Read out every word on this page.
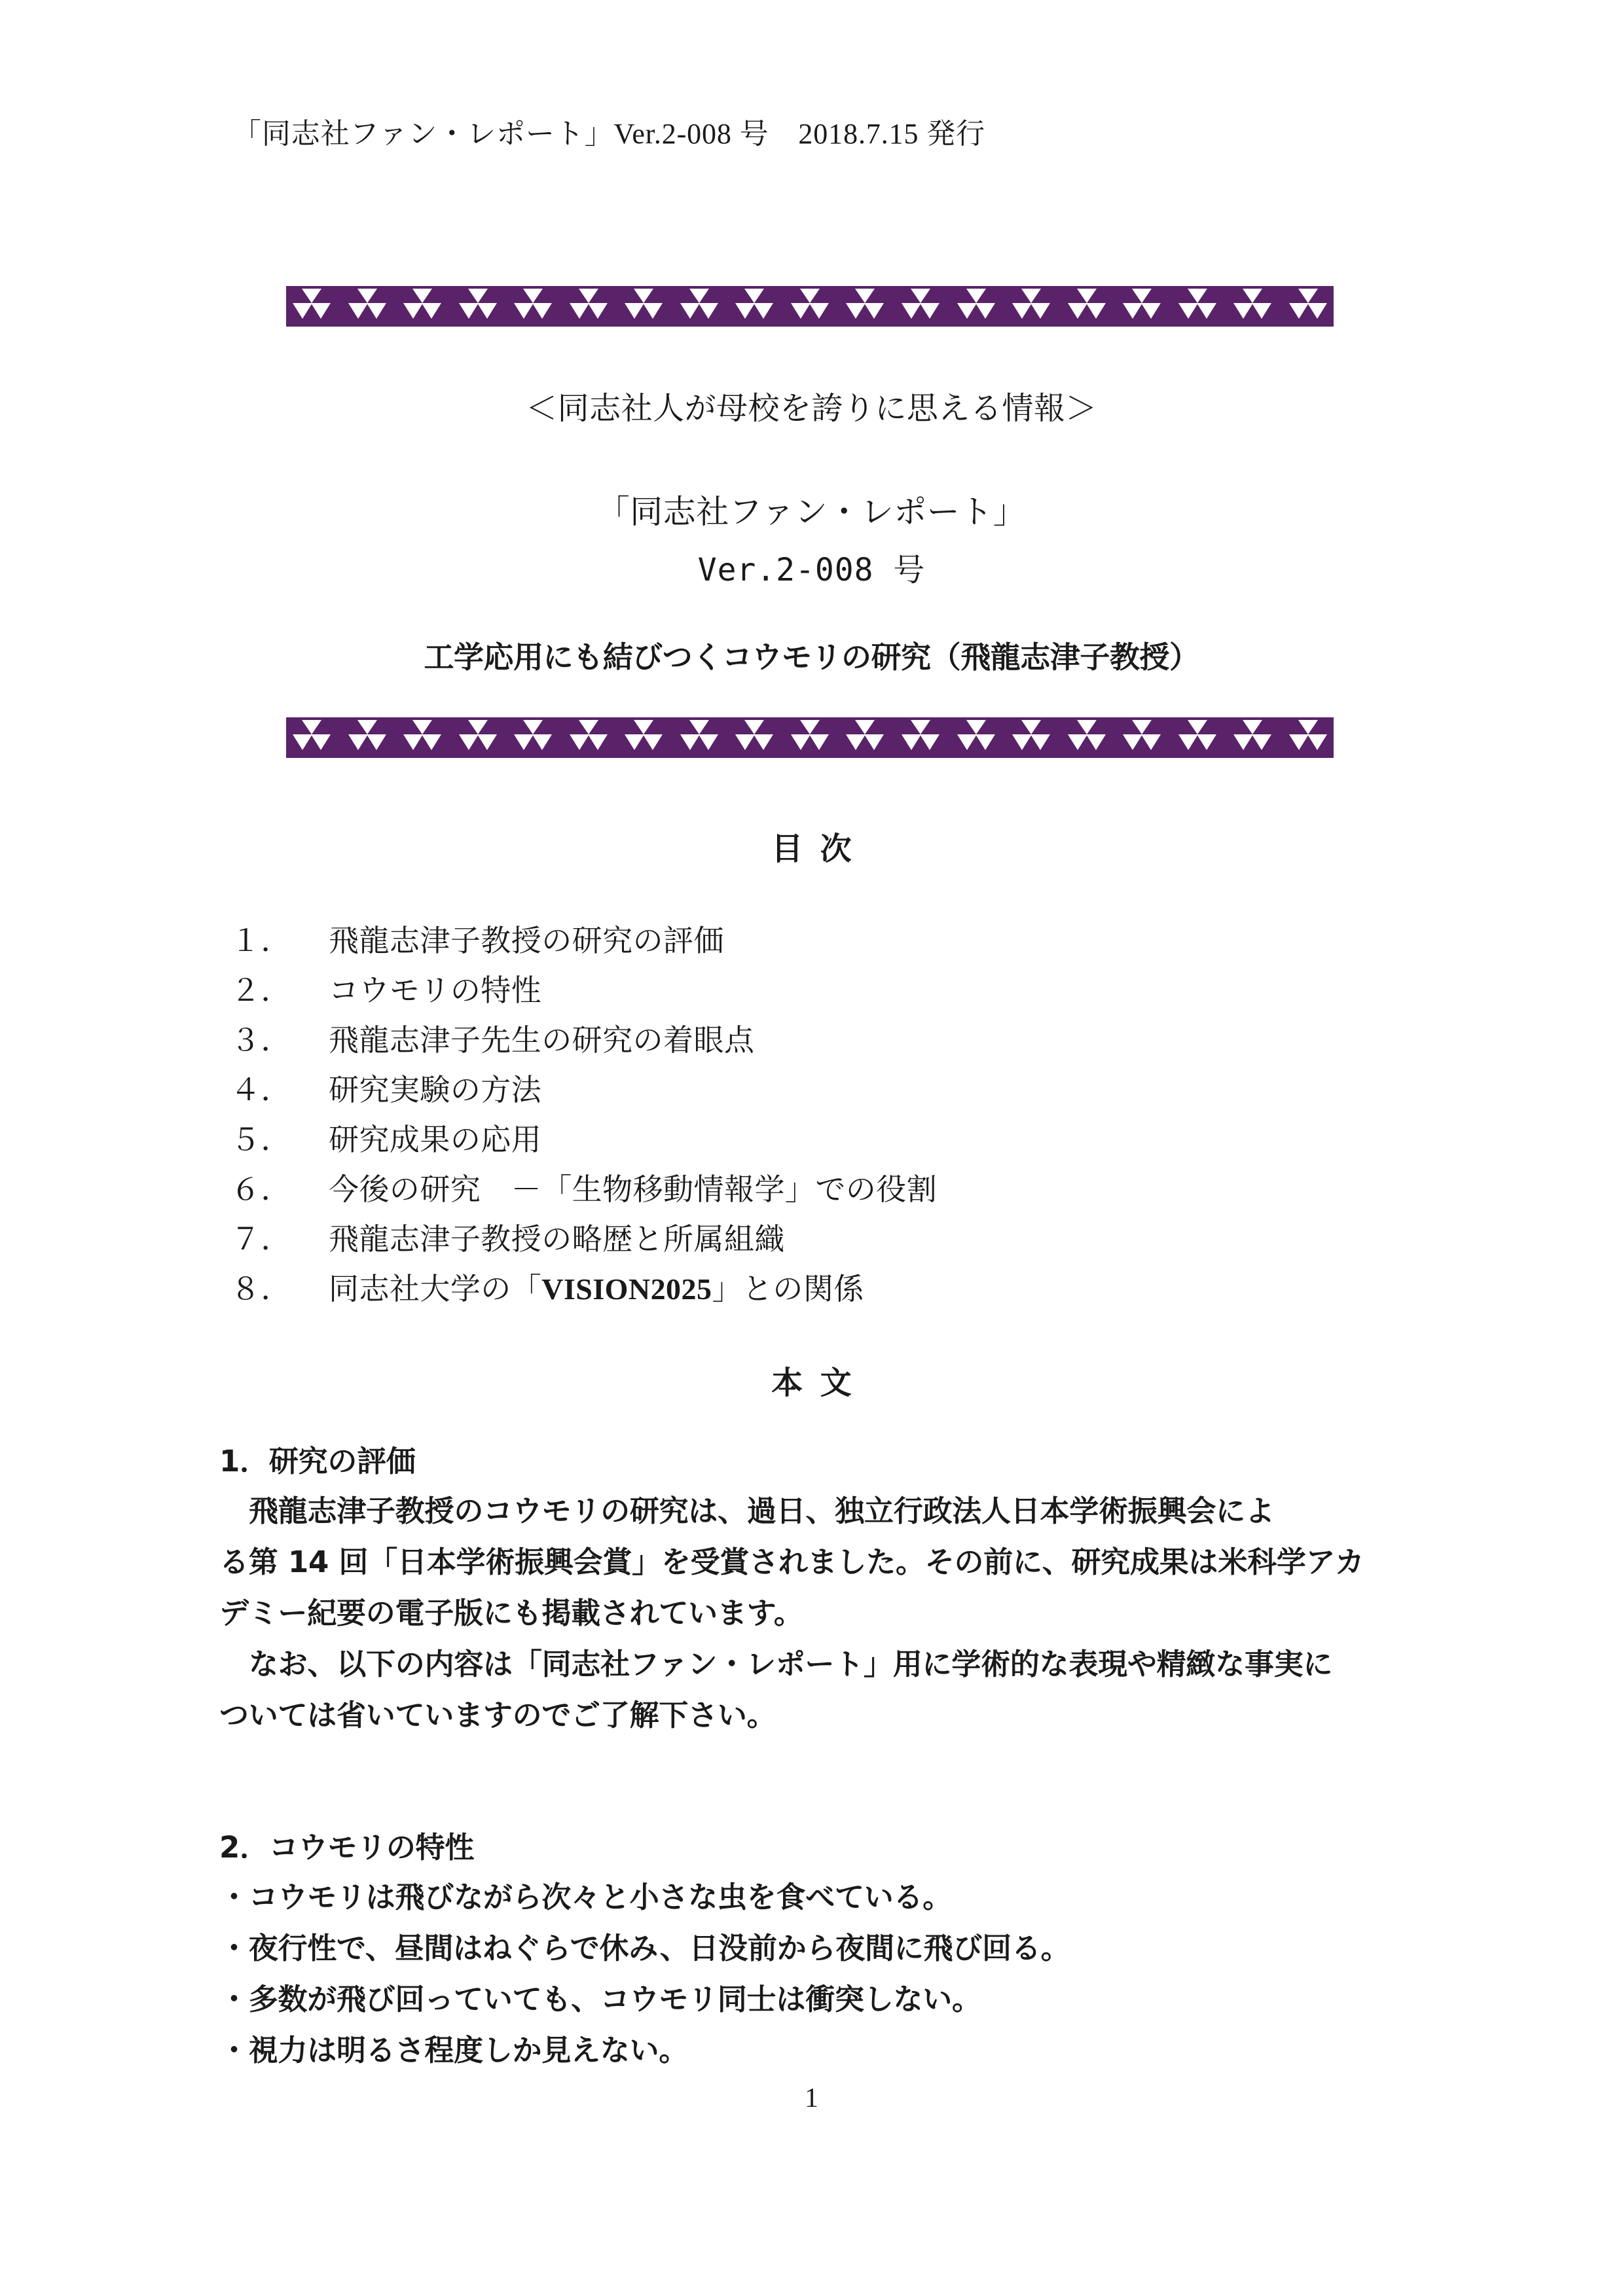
「同志社ファン・レポート」Ver.2-008 号　2018.7.15 発行
＜同志社人が母校を誇りに思える情報＞
「同志社ファン・レポート」
Ver.2-008 号
工学応用にも結びつくコウモリの研究（飛龍志津子教授）
目次
１．	飛龍志津子教授の研究の評価
２．	コウモリの特性
３．	飛龍志津子先生の研究の着眼点
４．	研究実験の方法
５．	研究成果の応用
６．	今後の研究　－「生物移動情報学」での役割
７．	飛龍志津子教授の略歴と所属組織
８．	同志社大学の「VISION2025」との関係
本文
1．研究の評価
飛龍志津子教授のコウモリの研究は、過日、独立行政法人日本学術振興会によ
る第 14 回「日本学術振興会賞」を受賞されました。その前に、研究成果は米科学アカ
デミー紀要の電子版にも掲載されています。
なお、以下の内容は「同志社ファン・レポート」用に学術的な表現や精緻な事実に
ついては省いていますのでご了解下さい。
2．コウモリの特性
・コウモリは飛びながら次々と小さな虫を食べている。
・夜行性で、昼間はねぐらで休み、日没前から夜間に飛び回る。
・多数が飛び回っていても、コウモリ同士は衝突しない。
・視力は明るさ程度しか見えない。
1
